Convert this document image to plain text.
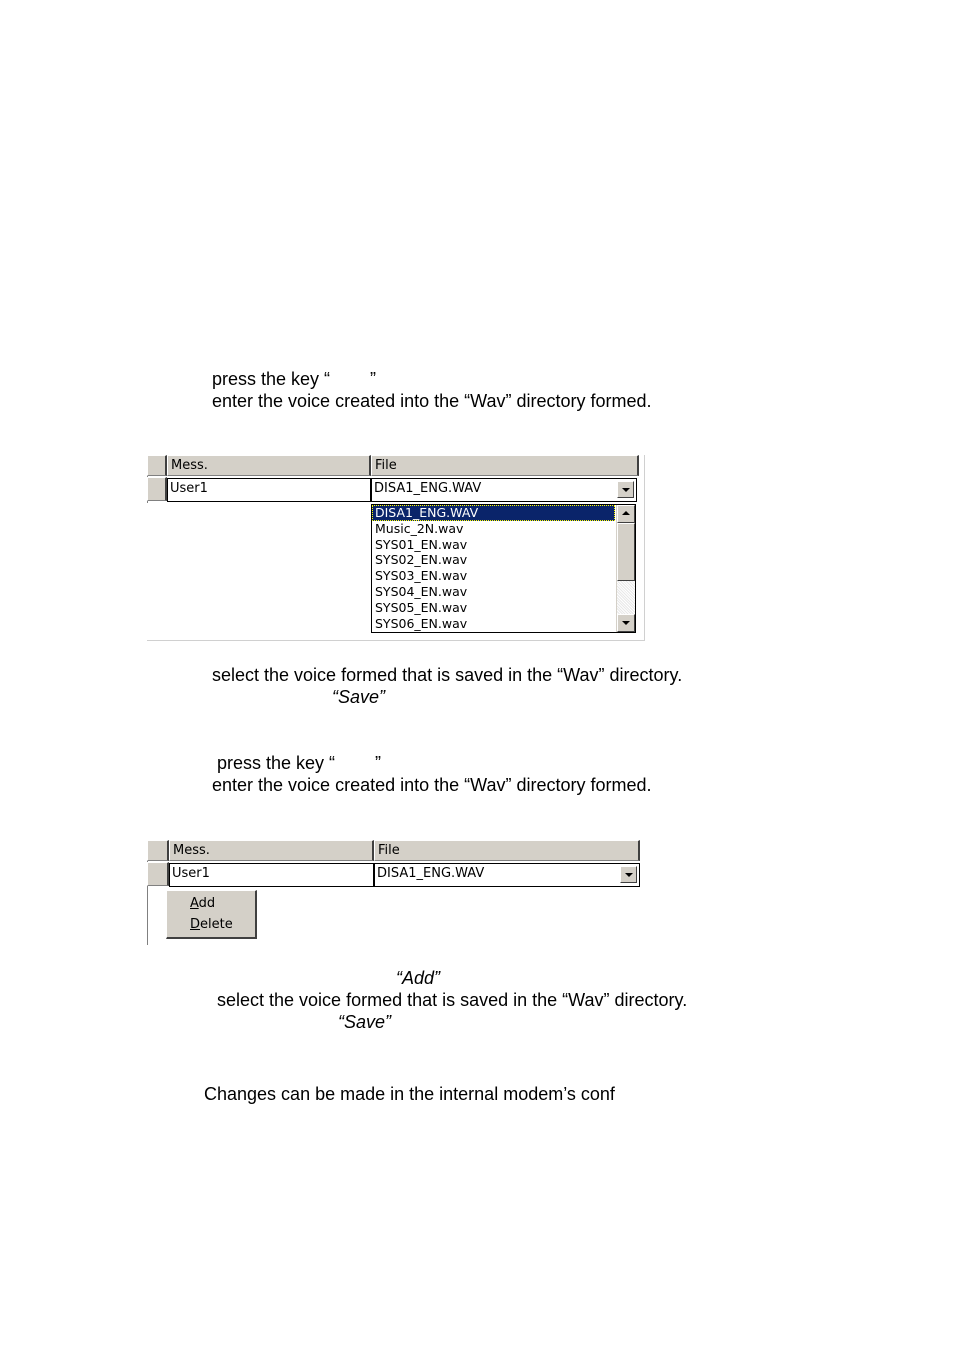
press the key “        ”
enter the voice created into the “Wav” directory formed.
Mess.	File
User1	DISA1_ENG.WAV
DISA1_ENG.WAV
Music_2N.wav
SYS01_EN.wav
SYS02_EN.wav
SYS03_EN.wav
SYS04_EN.wav
SYS05_EN.wav
SYS06_EN.wav
select the voice formed that is saved in the “Wav” directory.
“Save”
press the key “        ”
enter the voice created into the “Wav” directory formed.
Mess.	File
User1	DISA1_ENG.WAV
Add
Delete
“Add”
select the voice formed that is saved in the “Wav” directory.
“Save”
Changes can be made in the internal modem’s conf
